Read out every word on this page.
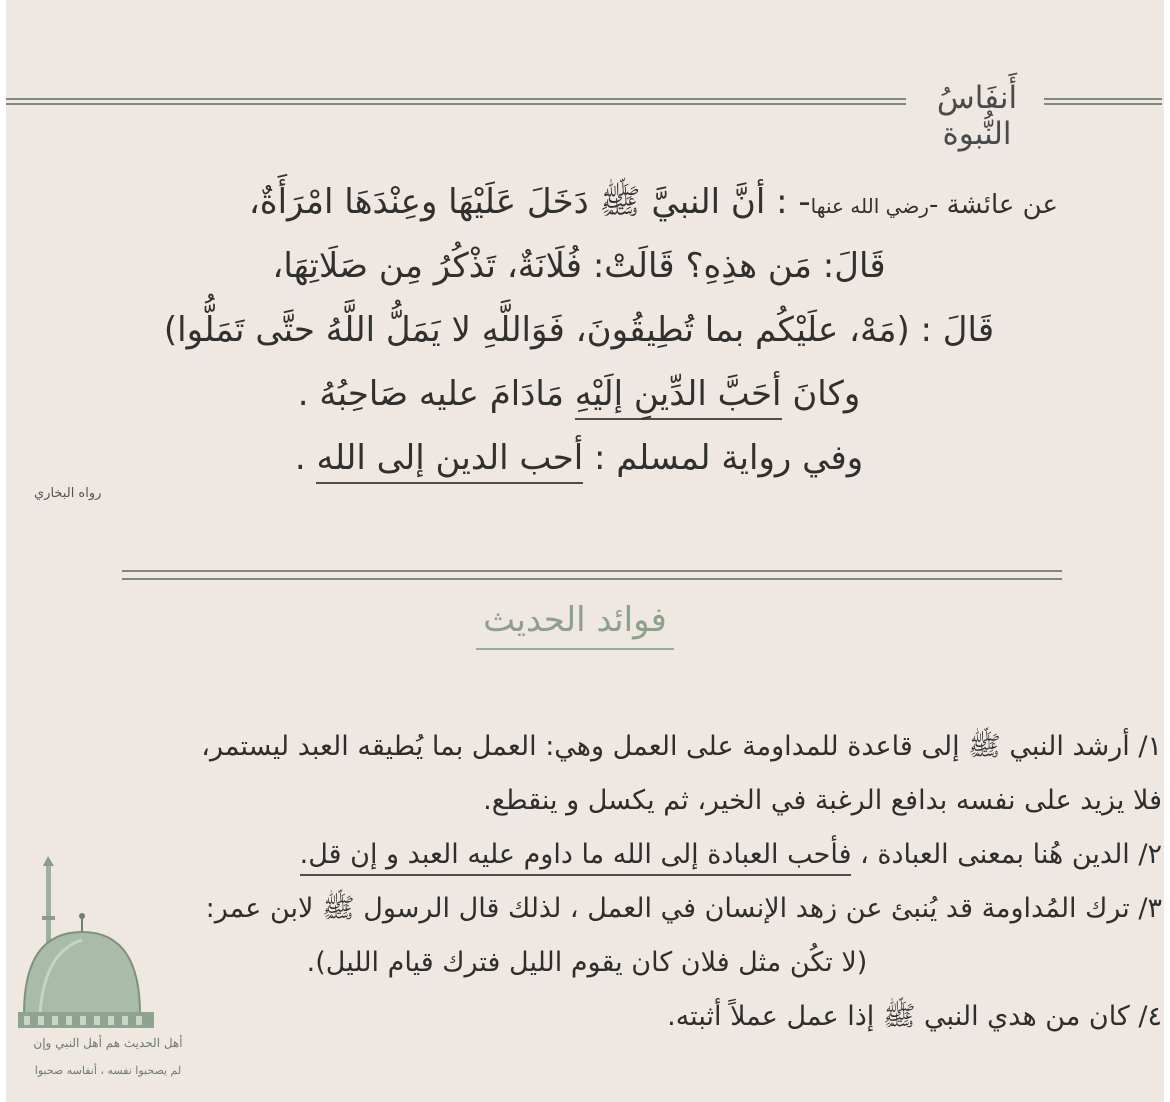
أَنفَاسُ النُّبوة
عن عائشة -رضي الله عنها- : أنَّ النبيَّ ﷺ دَخَلَ عَلَيْهَا وعِنْدَهَا امْرَأَةٌ،
قَالَ: مَن هذِهِ؟ قَالَتْ: فُلَانَةٌ، تَذْكُرُ مِن صَلَاتِهَا،
قَالَ : (مَهْ، علَيْكُم بما تُطِيقُونَ، فَوَاللَّهِ لا يَمَلُّ اللَّهُ حتَّى تَمَلُّوا)
وكانَ أحَبَّ الدِّينِ إلَيْهِ مَادَامَ عليه صَاحِبُهُ .
وفي رواية لمسلم : أحب الدين إلى الله .
رواه البخاري
فوائد الحديث
١/ أرشد النبي ﷺ إلى قاعدة للمداومة على العمل وهي: العمل بما يُطيقه العبد ليستمر،
فلا يزيد على نفسه بدافع الرغبة في الخير، ثم يكسل و ينقطع.
٢/ الدين هُنا بمعنى العبادة ، فأحب العبادة إلى الله ما داوم عليه العبد و إن قل.
٣/ ترك المُداومة قد يُنبئ عن زهد الإنسان في العمل ، لذلك قال الرسول ﷺ لابن عمر:
(لا تكُن مثل فلان كان يقوم الليل فترك قيام الليل).
٤/ كان من هدي النبي ﷺ إذا عمل عملاً أثبته.
أهل الحديث هم أهل النبي وإن
لم يصحبوا نفسه ، أنفاسه صحبوا
